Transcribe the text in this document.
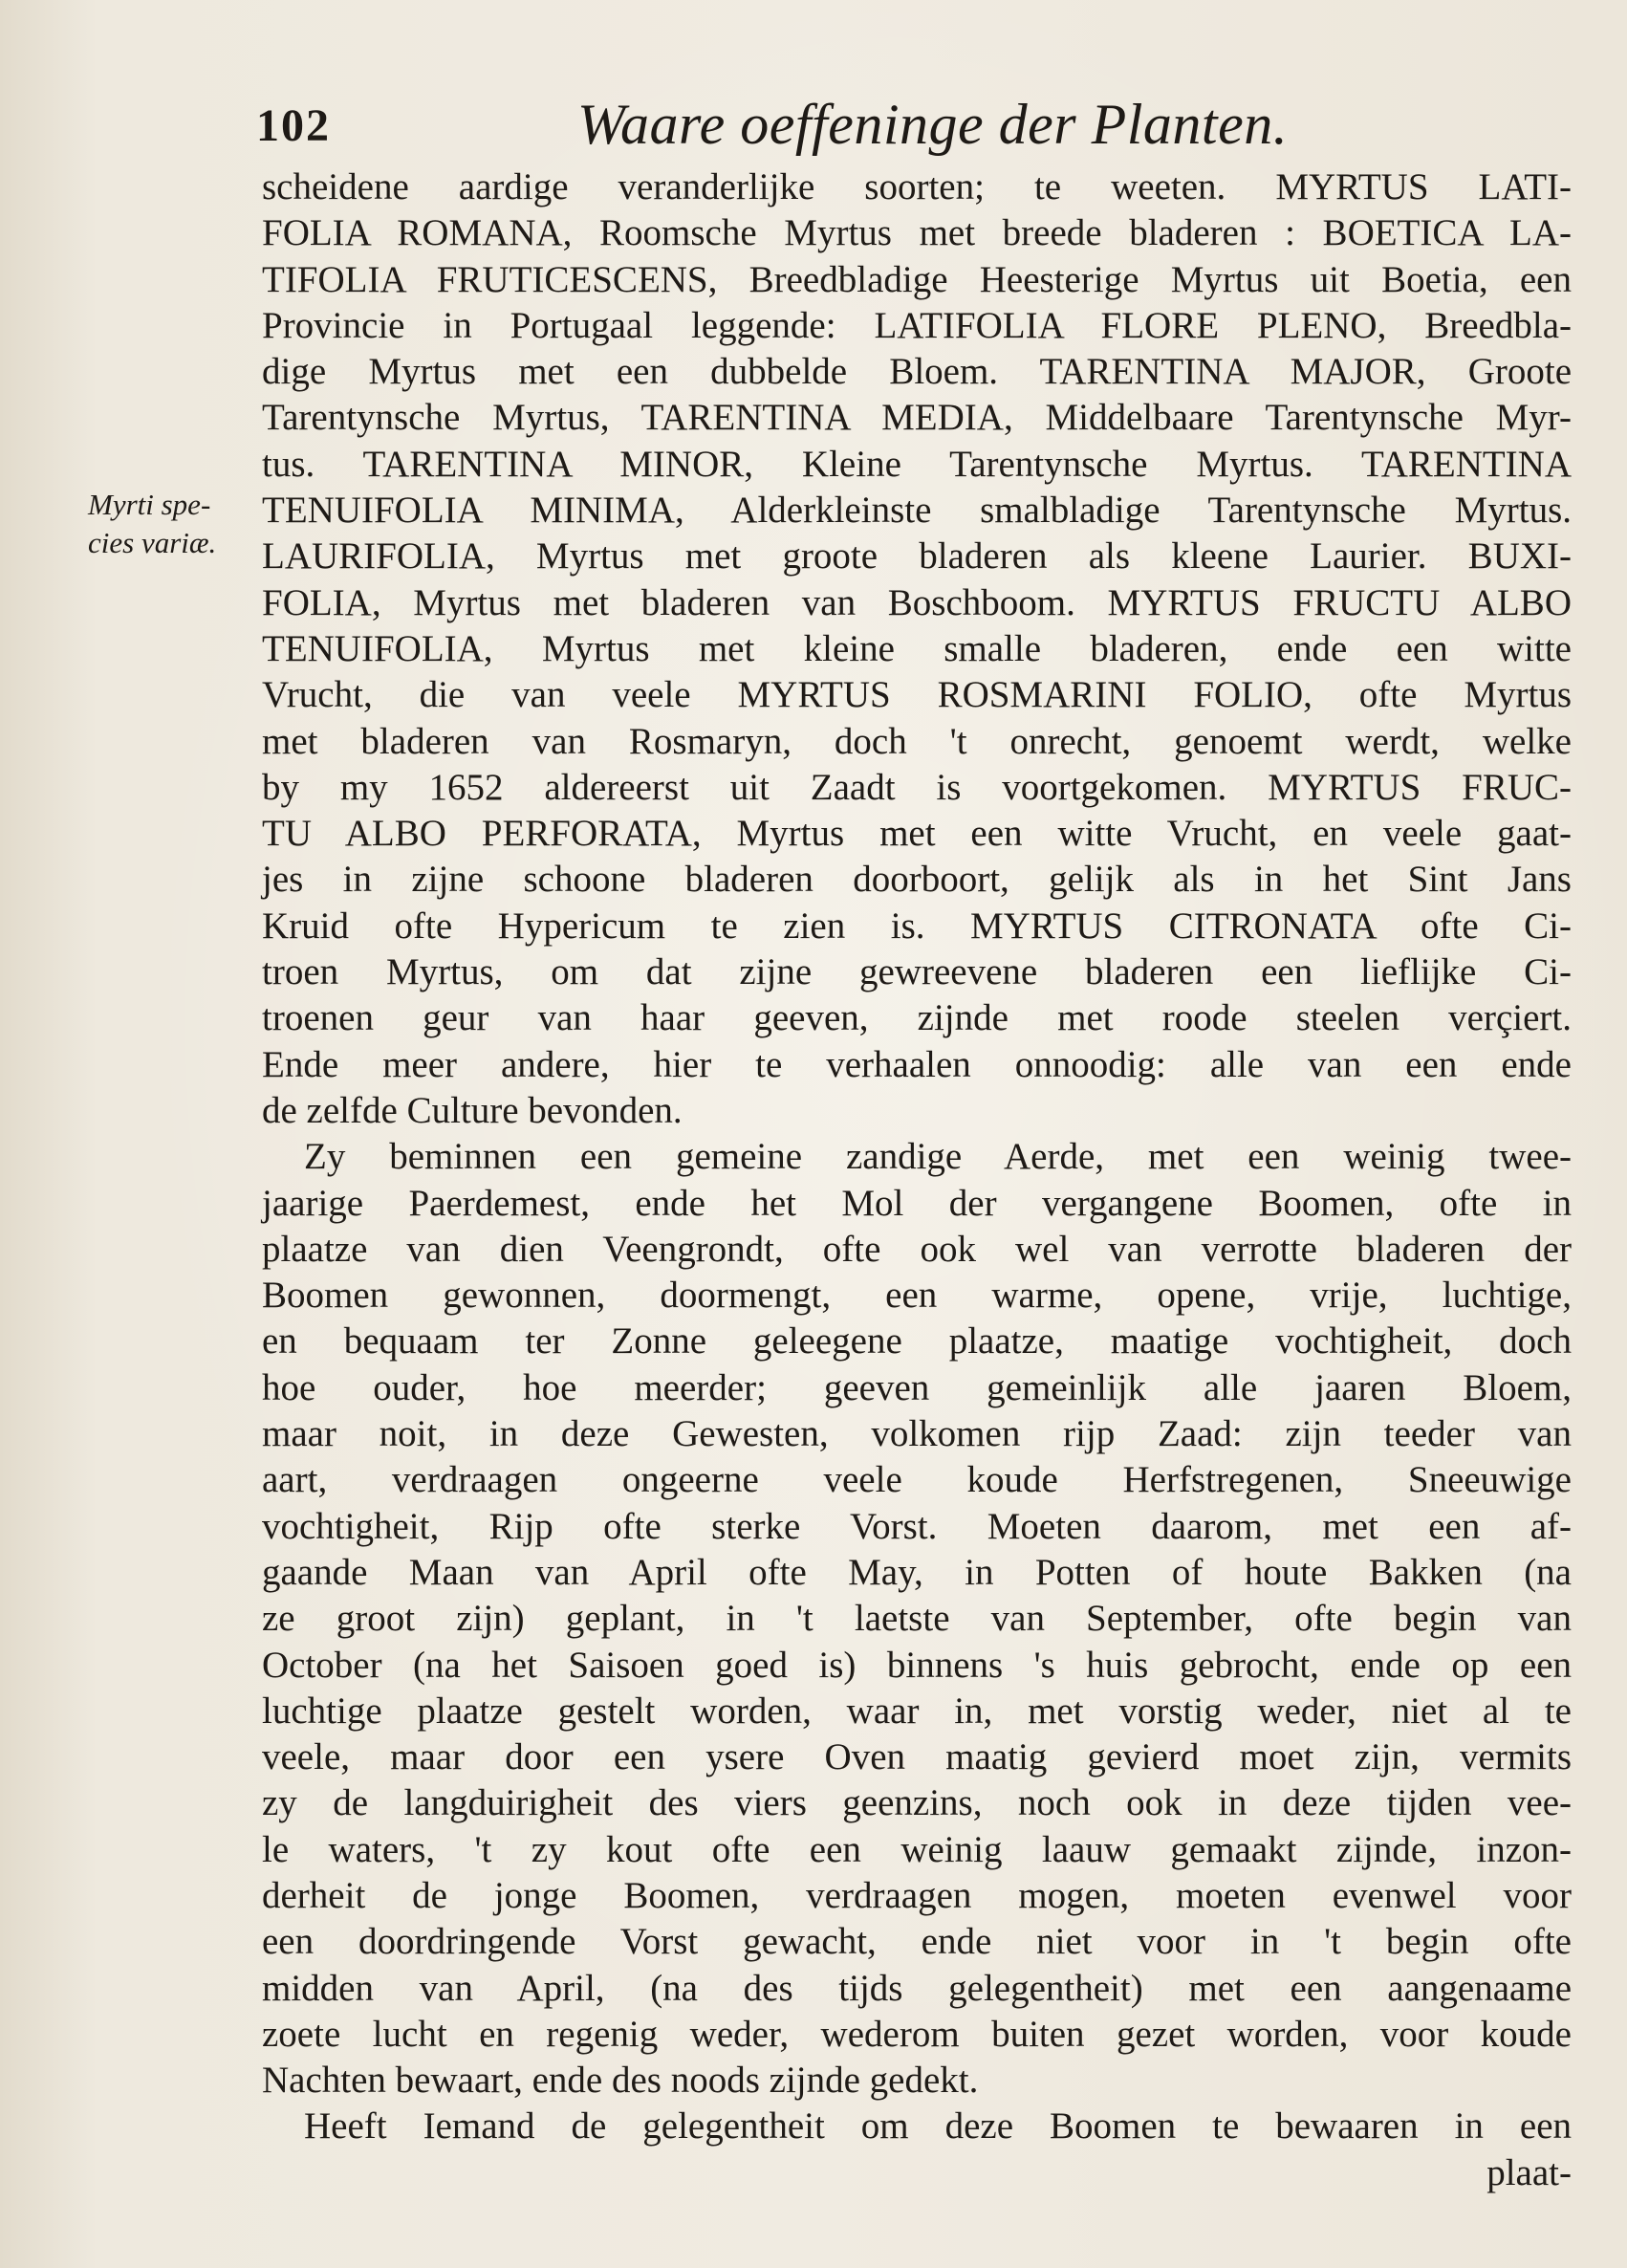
102	Waare oeffeninge der Planten.
Myrti spe-
cies variæ.
scheidene aardige veranderlijke soorten; te weeten. MYRTUS LATI-
FOLIA ROMANA, Roomsche Myrtus met breede bladeren : BOETICA LA-
TIFOLIA FRUTICESCENS, Breedbladige Heesterige Myrtus uit Boetia, een
Provincie in Portugaal leggende: LATIFOLIA FLORE PLENO, Breedbla-
dige Myrtus met een dubbelde Bloem. TARENTINA MAJOR, Groote
Tarentynsche Myrtus, TARENTINA MEDIA, Middelbaare Tarentynsche Myr-
tus. TARENTINA MINOR, Kleine Tarentynsche Myrtus. TARENTINA
TENUIFOLIA MINIMA, Alderkleinste smalbladige Tarentynsche Myrtus.
LAURIFOLIA, Myrtus met groote bladeren als kleene Laurier. BUXI-
FOLIA, Myrtus met bladeren van Boschboom. MYRTUS FRUCTU ALBO
TENUIFOLIA, Myrtus met kleine smalle bladeren, ende een witte
Vrucht, die van veele MYRTUS ROSMARINI FOLIO, ofte Myrtus
met bladeren van Rosmaryn, doch 't onrecht, genoemt werdt, welke
by my 1652 aldereerst uit Zaadt is voortgekomen. MYRTUS FRUC-
TU ALBO PERFORATA, Myrtus met een witte Vrucht, en veele gaat-
jes in zijne schoone bladeren doorboort, gelijk als in het Sint Jans
Kruid ofte Hypericum te zien is. MYRTUS CITRONATA ofte Ci-
troen Myrtus, om dat zijne gewreevene bladeren een lieflijke Ci-
troenen geur van haar geeven, zijnde met roode steelen verçiert.
Ende meer andere, hier te verhaalen onnoodig: alle van een ende
de zelfde Culture bevonden.
Zy beminnen een gemeine zandige Aerde, met een weinig twee-
jaarige Paerdemest, ende het Mol der vergangene Boomen, ofte in
plaatze van dien Veengrondt, ofte ook wel van verrotte bladeren der
Boomen gewonnen, doormengt, een warme, opene, vrije, luchtige,
en bequaam ter Zonne geleegene plaatze, maatige vochtigheit, doch
hoe ouder, hoe meerder; geeven gemeinlijk alle jaaren Bloem,
maar noit, in deze Gewesten, volkomen rijp Zaad: zijn teeder van
aart, verdraagen ongeerne veele koude Herfstregenen, Sneeuwige
vochtigheit, Rijp ofte sterke Vorst. Moeten daarom, met een af-
gaande Maan van April ofte May, in Potten of houte Bakken (na
ze groot zijn) geplant, in 't laetste van September, ofte begin van
October (na het Saisoen goed is) binnens 's huis gebrocht, ende op een
luchtige plaatze gestelt worden, waar in, met vorstig weder, niet al te
veele, maar door een ysere Oven maatig gevierd moet zijn, vermits
zy de langduirigheit des viers geenzins, noch ook in deze tijden vee-
le waters, 't zy kout ofte een weinig laauw gemaakt zijnde, inzon-
derheit de jonge Boomen, verdraagen mogen, moeten evenwel voor
een doordringende Vorst gewacht, ende niet voor in 't begin ofte
midden van April, (na des tijds gelegentheit) met een aangenaame
zoete lucht en regenig weder, wederom buiten gezet worden, voor koude
Nachten bewaart, ende des noods zijnde gedekt.
Heeft Iemand de gelegentheit om deze Boomen te bewaaren in een
plaat-
